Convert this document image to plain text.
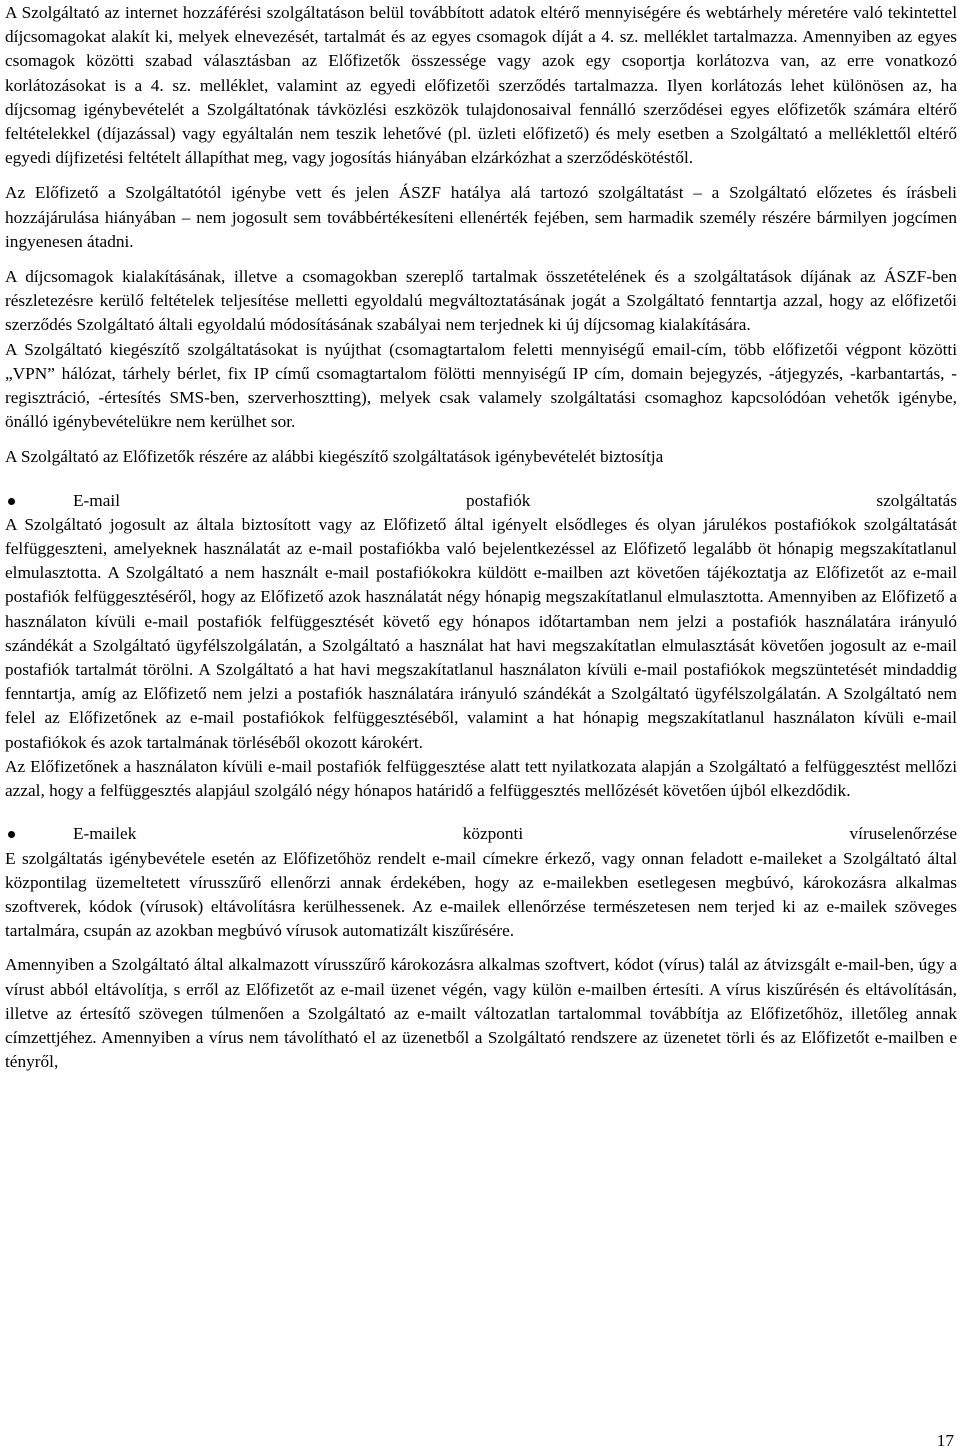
A Szolgáltató az internet hozzáférési szolgáltatáson belül továbbított adatok eltérő mennyiségére és webtárhely méretére való tekintettel díjcsomagokat alakít ki, melyek elnevezését, tartalmát és az egyes csomagok díját a 4. sz. melléklet tartalmazza. Amennyiben az egyes csomagok közötti szabad választásban az Előfizetők összessége vagy azok egy csoportja korlátozva van, az erre vonatkozó korlátozásokat is a 4. sz. melléklet, valamint az egyedi előfizetői szerződés tartalmazza. Ilyen korlátozás lehet különösen az, ha díjcsomag igénybevételét a Szolgáltatónak távközlési eszközök tulajdonosaival fennálló szerződései egyes előfizetők számára eltérő feltételekkel (díjazással) vagy egyáltalán nem teszik lehetővé (pl. üzleti előfizető) és mely esetben a Szolgáltató a melléklettől eltérő egyedi díjfizetési feltételt állapíthat meg, vagy jogosítás hiányában elzárkózhat a szerződéskötéstől.

Az Előfizető a Szolgáltatótól igénybe vett és jelen ÁSZF hatálya alá tartozó szolgáltatást – a Szolgáltató előzetes és írásbeli hozzájárulása hiányában – nem jogosult sem továbbértékesíteni ellenérték fejében, sem harmadik személy részére bármilyen jogcímen ingyenesen átadni.

A díjcsomagok kialakításának, illetve a csomagokban szereplő tartalmak összetételének és a szolgáltatások díjának az ÁSZF-ben részletezésre kerülő feltételek teljesítése melletti egyoldalú megváltoztatásának jogát a Szolgáltató fenntartja azzal, hogy az előfizetői szerződés Szolgáltató általi egyoldalú módosításának szabályai nem terjednek ki új díjcsomag kialakítására.

A Szolgáltató kiegészítő szolgáltatásokat is nyújthat (csomagtartalom feletti mennyiségű email-cím, több előfizetői végpont közötti „VPN” hálózat, tárhely bérlet, fix IP című csomagtartalom fölötti mennyiségű IP cím, domain bejegyzés, -átjegyzés, -karbantartás, -regisztráció, -értesítés SMS-ben, szerverhosztting), melyek csak valamely szolgáltatási csomaghoz kapcsolódóan vehetők igénybe, önálló igénybevételükre nem kerülhet sor.

A Szolgáltató az Előfizetők részére az alábbi kiegészítő szolgáltatások igénybevételét biztosítja

E-mail postafiók szolgáltatás

A Szolgáltató jogosult az általa biztosított vagy az Előfizető által igényelt elsődleges és olyan járulékos postafiókok szolgáltatását felfüggeszteni, amelyeknek használatát az e-mail postafiókba való bejelentkezéssel az Előfizető legalább öt hónapig megszakítatlanul elmulasztotta. A Szolgáltató a nem használt e-mail postafiókokra küldött e-mailben azt követően tájékoztatja az Előfizetőt az e-mail postafiók felfüggesztéséről, hogy az Előfizető azok használatát négy hónapig megszakítatlanul elmulasztotta. Amennyiben az Előfizető a használaton kívüli e-mail postafiók felfüggesztését követő egy hónapos időtartamban nem jelzi a postafiók használatára irányuló szándékát a Szolgáltató ügyfélszolgálatán, a Szolgáltató a használat hat havi megszakítatlan elmulasztását követően jogosult az e-mail postafiók tartalmát törölni. A Szolgáltató a hat havi megszakítatlanul használaton kívüli e-mail postafiókok megszüntetését mindaddig fenntartja, amíg az Előfizető nem jelzi a postafiók használatára irányuló szándékát a Szolgáltató ügyfélszolgálatán. A Szolgáltató nem felel az Előfizetőnek az e-mail postafiókok felfüggesztéséből, valamint a hat hónapig megszakítatlanul használaton kívüli e-mail postafiókok és azok tartalmának törléséből okozott károkért.

Az Előfizetőnek a használaton kívüli e-mail postafiók felfüggesztése alatt tett nyilatkozata alapján a Szolgáltató a felfüggesztést mellőzi azzal, hogy a felfüggesztés alapjául szolgáló négy hónapos határidő a felfüggesztés mellőzését követően újból elkezdődik.

E-mailek központi víruselenőrzése

E szolgáltatás igénybevétele esetén az Előfizetőhöz rendelt e-mail címekre érkező, vagy onnan feladott e-maileket a Szolgáltató által központilag üzemeltetett vírusszűrő ellenőrzi annak érdekében, hogy az e-mailekben esetlegesen megbúvó, károkozásra alkalmas szoftverek, kódok (vírusok) eltávolításra kerülhessenek. Az e-mailek ellenőrzése természetesen nem terjed ki az e-mailek szöveges tartalmára, csupán az azokban megbúvó vírusok automatizált kiszűrésére.

Amennyiben a Szolgáltató által alkalmazott vírusszűrő károkozásra alkalmas szoftvert, kódot (vírus) talál az átvizsgált e-mail-ben, úgy a vírust abból eltávolítja, s erről az Előfizetőt az e-mail üzenet végén, vagy külön e-mailben értesíti. A vírus kiszűrésén és eltávolításán, illetve az értesítő szövegen túlmenően a Szolgáltató az e-mailt változatlan tartalommal továbbítja az Előfizetőhöz, illetőleg annak címzettjéhez. Amennyiben a vírus nem távolítható el az üzenetből a Szolgáltató rendszere az üzenetet törli és az Előfizetőt e-mailben e tényről,

17
